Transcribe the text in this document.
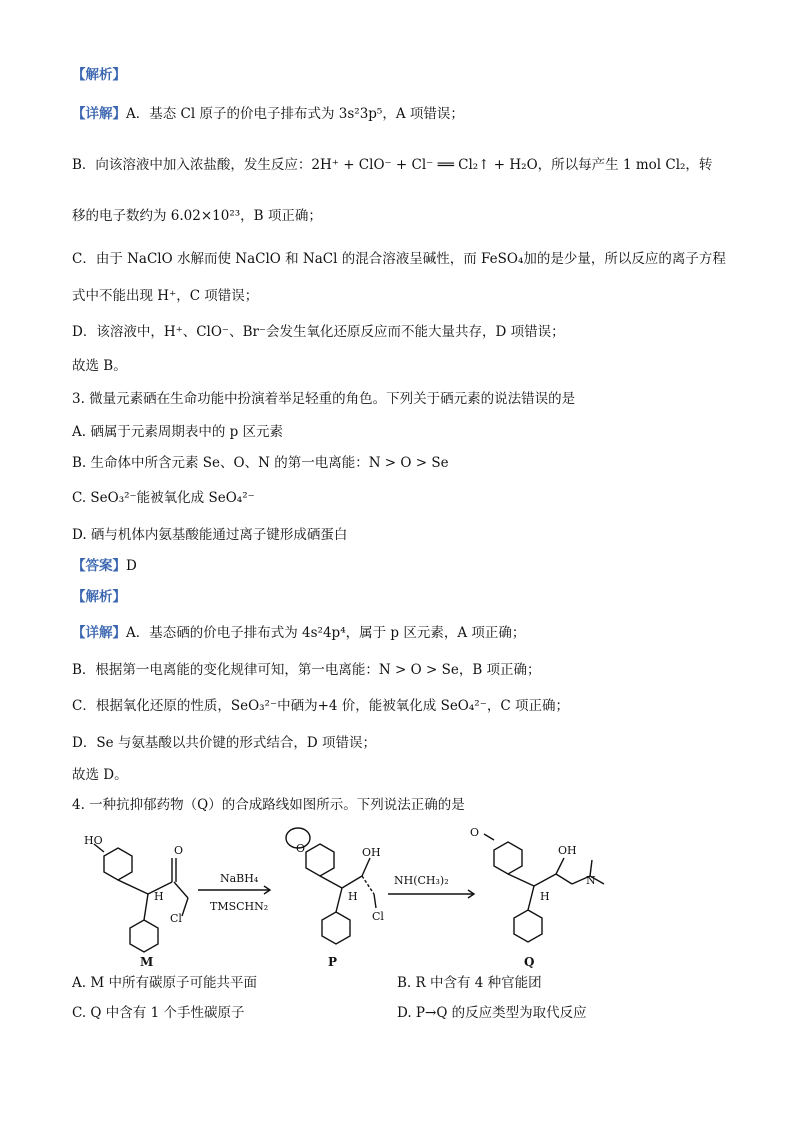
【解析】
【详解】A．基态 Cl 原子的价电子排布式为 3s²3p⁵，A 项错误；
B．向该溶液中加入浓盐酸，发生反应：2H⁺ + ClO⁻ + Cl⁻ ══ Cl₂↑ + H₂O，所以每产生 1 mol Cl₂，转
移的电子数约为 6.02×10²³，B 项正确；
C．由于 NaClO 水解而使 NaClO 和 NaCl 的混合溶液呈碱性，而 FeSO₄加的是少量，所以反应的离子方程
式中不能出现 H⁺，C 项错误；
D．该溶液中，H⁺、ClO⁻、Br⁻会发生氧化还原反应而不能大量共存，D 项错误；
故选 B。
3. 微量元素硒在生命功能中扮演着举足轻重的角色。下列关于硒元素的说法错误的是
A. 硒属于元素周期表中的 p 区元素
B. 生命体中所含元素 Se、O、N 的第一电离能：N > O > Se
C. SeO₃²⁻能被氧化成 SeO₄²⁻
D. 硒与机体内氨基酸能通过离子键形成硒蛋白
【答案】D
【解析】
【详解】A．基态硒的价电子排布式为 4s²4p⁴，属于 p 区元素，A 项正确；
B．根据第一电离能的变化规律可知，第一电离能：N > O > Se，B 项正确；
C．根据氧化还原的性质，SeO₃²⁻中硒为+4 价，能被氧化成 SeO₄²⁻，C 项正确；
D．Se 与氨基酸以共价键的形式结合，D 项错误；
故选 D。
4. 一种抗抑郁药物（Q）的合成路线如图所示。下列说法正确的是
HO
O
H
Cl
NaBH₄
TMSCHN₂
O	OH
H
Cl
NH(CH₃)₂
O
OH
H
N
M	P	Q
A. M 中所有碳原子可能共平面	B. R 中含有 4 种官能团
C. Q 中含有 1 个手性碳原子	D. P→Q 的反应类型为取代反应
